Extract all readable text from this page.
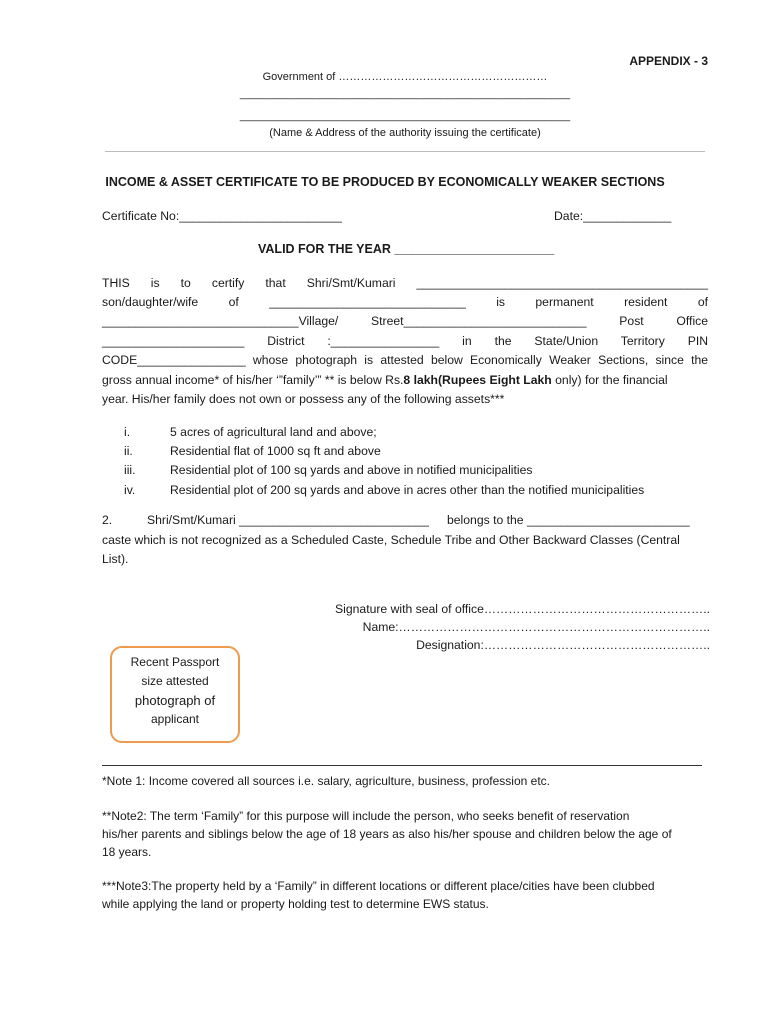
APPENDIX - 3
Government of …………………………………………………
______________________________________________________
______________________________________________________
(Name & Address of the authority issuing the certificate)
INCOME & ASSET CERTIFICATE TO BE PRODUCED BY ECONOMICALLY WEAKER SECTIONS
Certificate No:________________________	Date:_____________
VALID FOR THE YEAR _______________________
THIS is to certify that Shri/Smt/Kumari ___________________________________________
son/daughter/wife of _____________________________ is permanent resident of
_____________________________Village/	Street___________________________	Post	Office
_____________________ District :________________ in the State/Union Territory PIN
CODE________________ whose photograph is attested below Economically Weaker Sections, since the
gross annual income* of his/her ‘”family’” ** is below Rs.8 lakh(Rupees Eight Lakh only) for the financial
year. His/her family does not own or possess any of the following assets***
i.	5 acres of agricultural land and above;
ii.	Residential flat of 1000 sq ft and above
iii.	Residential plot of 100 sq yards and above in notified municipalities
iv.	Residential plot of 200 sq yards and above in acres other than the notified municipalities
2.	Shri/Smt/Kumari ____________________________ belongs to the ________________________
caste which is not recognized as a Scheduled Caste, Schedule Tribe and Other Backward Classes (Central
List).
Signature with seal of office………………………………………………..
Name:…………………………………………………………………..
Designation:………………………………………………..
Recent Passport
size attested
photograph of
applicant
*Note 1: Income covered all sources i.e. salary, agriculture, business, profession etc.
**Note2: The term ‘Family” for this purpose will include the person, who seeks benefit of reservation
his/her parents and siblings below the age of 18 years as also his/her spouse and children below the age of
18 years.
***Note3:The property held by a ‘Family” in different locations or different place/cities have been clubbed
while applying the land or property holding test to determine EWS status.
